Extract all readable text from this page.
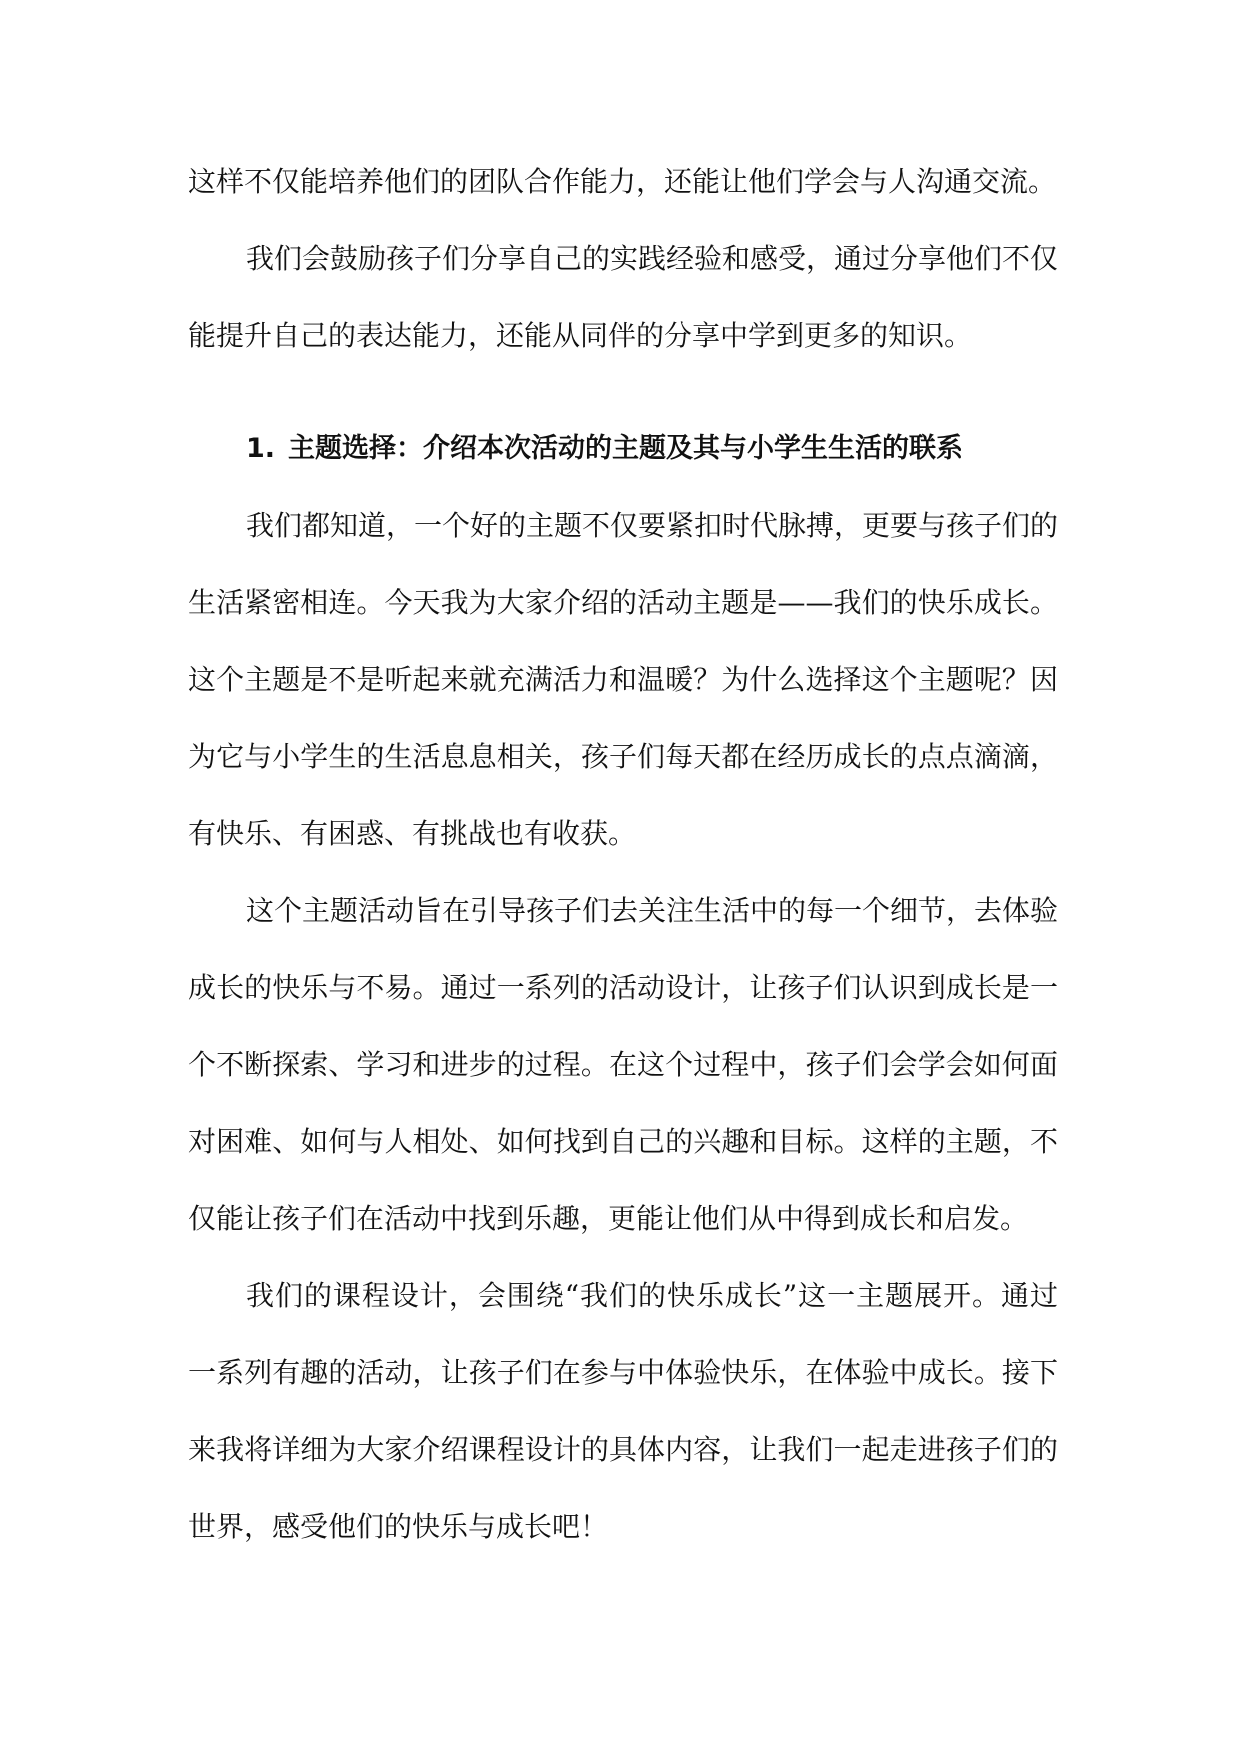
这样不仅能培养他们的团队合作能力，还能让他们学会与人沟通交流。

我们会鼓励孩子们分享自己的实践经验和感受，通过分享他们不仅能提升自己的表达能力，还能从同伴的分享中学到更多的知识。

1. 主题选择：介绍本次活动的主题及其与小学生生活的联系

我们都知道，一个好的主题不仅要紧扣时代脉搏，更要与孩子们的生活紧密相连。今天我为大家介绍的活动主题是——我们的快乐成长。这个主题是不是听起来就充满活力和温暖？为什么选择这个主题呢？因为它与小学生的生活息息相关，孩子们每天都在经历成长的点点滴滴，有快乐、有困惑、有挑战也有收获。

这个主题活动旨在引导孩子们去关注生活中的每一个细节，去体验成长的快乐与不易。通过一系列的活动设计，让孩子们认识到成长是一个不断探索、学习和进步的过程。在这个过程中，孩子们会学会如何面对困难、如何与人相处、如何找到自己的兴趣和目标。这样的主题，不仅能让孩子们在活动中找到乐趣，更能让他们从中得到成长和启发。

我们的课程设计，会围绕“我们的快乐成长”这一主题展开。通过一系列有趣的活动，让孩子们在参与中体验快乐，在体验中成长。接下来我将详细为大家介绍课程设计的具体内容，让我们一起走进孩子们的世界，感受他们的快乐与成长吧！
